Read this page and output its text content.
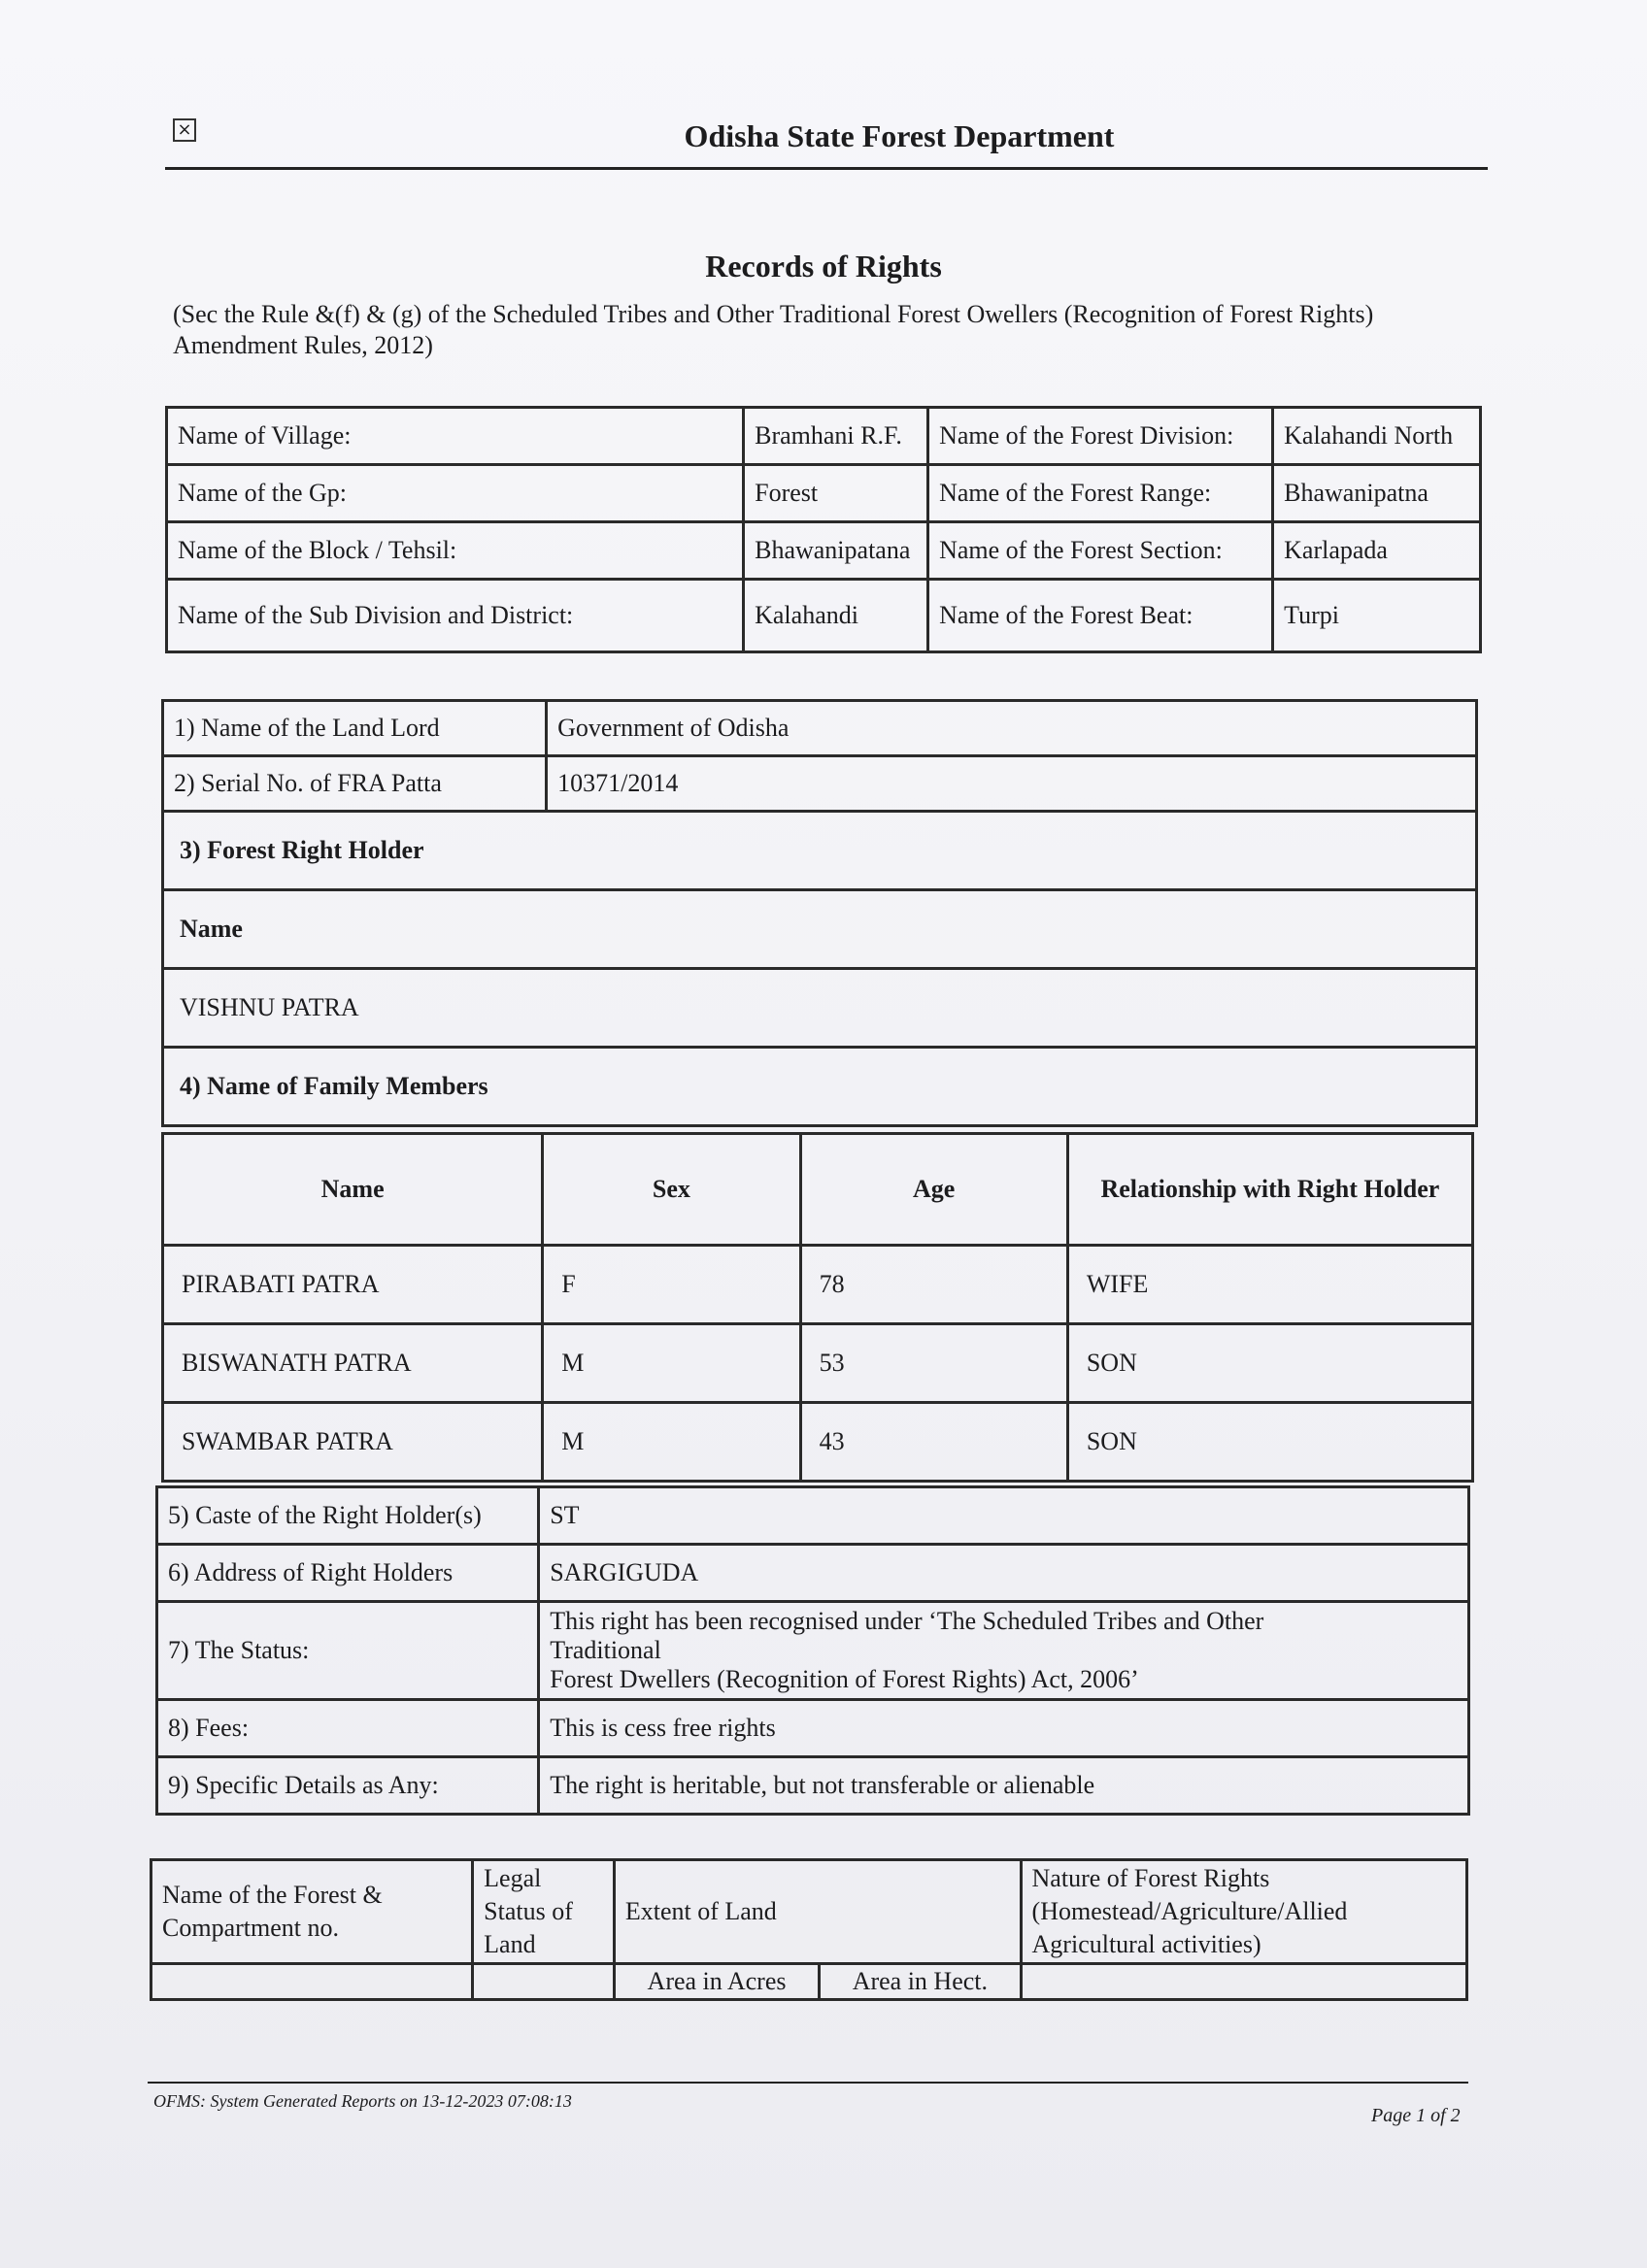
×	Odisha State Forest Department
Records of Rights
(Sec the Rule &(f) & (g) of the Scheduled Tribes and Other Traditional Forest Owellers (Recognition of Forest Rights) Amendment Rules, 2012)
Name of Village:	Bramhani R.F.	Name of the Forest Division:	Kalahandi North
Name of the Gp:	Forest	Name of the Forest Range:	Bhawanipatna
Name of the Block / Tehsil:	Bhawanipatana	Name of the Forest Section:	Karlapada
Name of the Sub Division and District:	Kalahandi	Name of the Forest Beat:	Turpi
1) Name of the Land Lord	Government of Odisha
2) Serial No. of FRA Patta	10371/2014
3) Forest Right Holder	
Name	
VISHNU PATRA	
4) Name of Family Members	
Name	Sex	Age	Relationship with Right Holder
PIRABATI PATRA	F	78	WIFE
BISWANATH PATRA	M	53	SON
SWAMBAR PATRA	M	43	SON
5) Caste of the Right Holder(s)	ST
6) Address of Right Holders	SARGIGUDA
7) The Status:	This right has been recognised under ‘The Scheduled Tribes and Other
Traditional
Forest Dwellers (Recognition of Forest Rights) Act, 2006’

8) Fees:	This is cess free rights
9) Specific Details as Any:	The right is heritable, but not transferable or alienable
Name of the Forest & Compartment no.	Legal Status of Land	Extent of Land		Nature of Forest Rights (Homestead/Agriculture/Allied Agricultural activities)
		Area in Acres	Area in Hect.	
OFMS: System Generated Reports on 13-12-2023 07:08:13
Page 1 of 2
